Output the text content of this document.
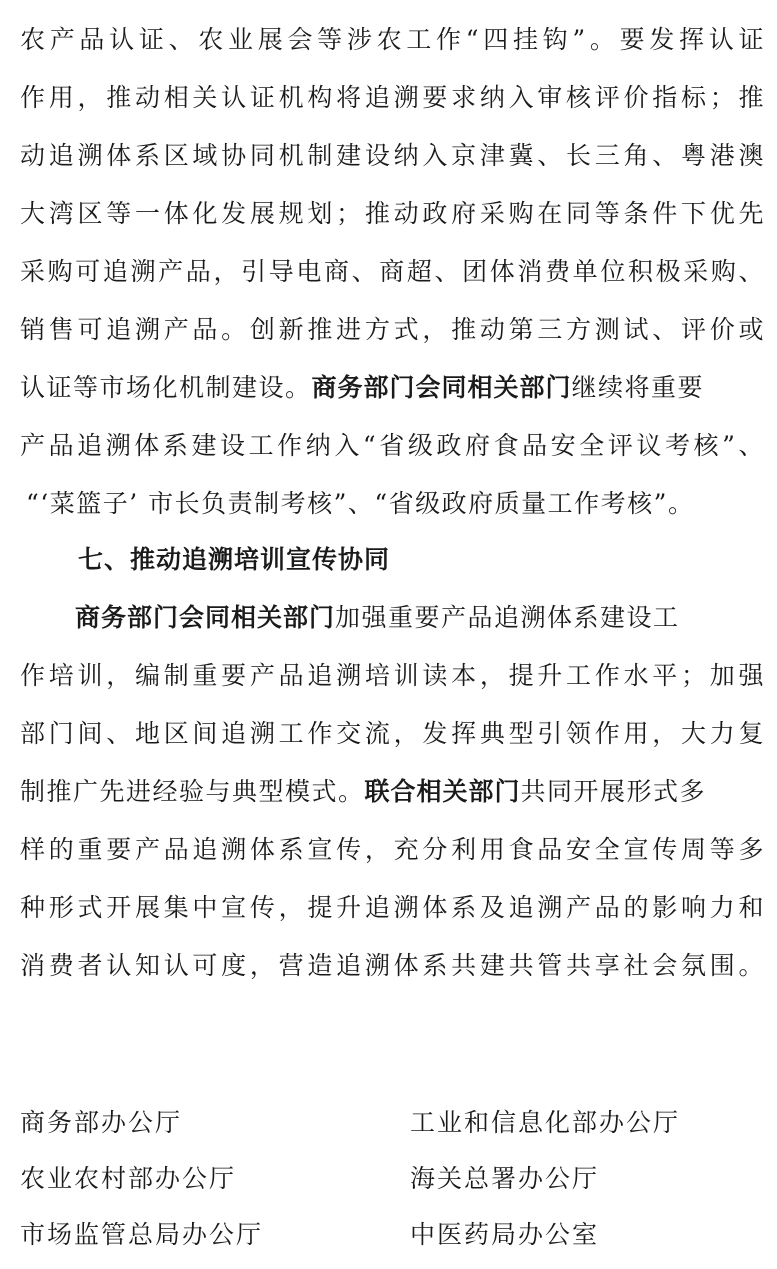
农产品认证、农业展会等涉农工作“四挂钩”。要发挥认证
作用，推动相关认证机构将追溯要求纳入审核评价指标；推
动追溯体系区域协同机制建设纳入京津冀、长三角、粤港澳
大湾区等一体化发展规划；推动政府采购在同等条件下优先
采购可追溯产品，引导电商、商超、团体消费单位积极采购、
销售可追溯产品。创新推进方式，推动第三方测试、评价或
认证等市场化机制建设。商务部门会同相关部门继续将重要
产品追溯体系建设工作纳入“省级政府食品安全评议考核”、
“‘菜篮子’ 市长负责制考核”、“省级政府质量工作考核”。
七、推动追溯培训宣传协同
商务部门会同相关部门加强重要产品追溯体系建设工
作培训，编制重要产品追溯培训读本，提升工作水平；加强
部门间、地区间追溯工作交流，发挥典型引领作用，大力复
制推广先进经验与典型模式。联合相关部门共同开展形式多
样的重要产品追溯体系宣传，充分利用食品安全宣传周等多
种形式开展集中宣传，提升追溯体系及追溯产品的影响力和
消费者认知认可度，营造追溯体系共建共管共享社会氛围。
商务部办公厅	工业和信息化部办公厅
农业农村部办公厅	海关总署办公厅
市场监管总局办公厅	中医药局办公室
